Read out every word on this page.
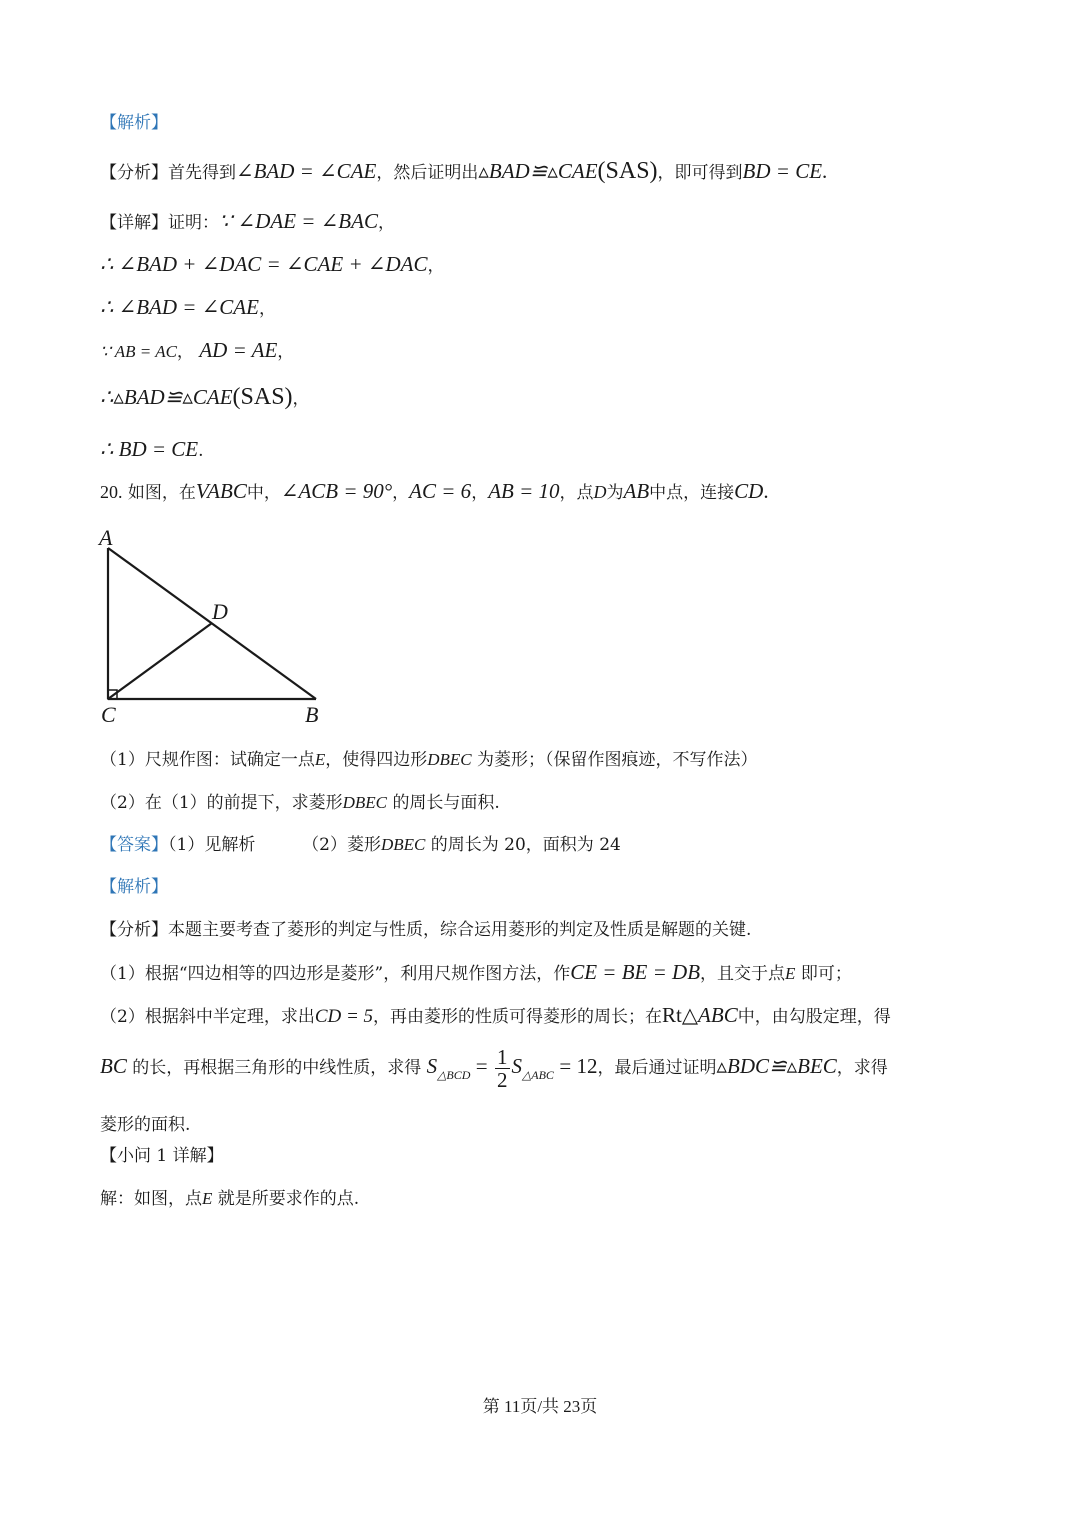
【解析】
【分析】首先得到∠BAD = ∠CAE，然后证明出▵BAD≌▵CAE(SAS)，即可得到BD = CE.
【详解】证明：∵ ∠DAE = ∠BAC，
∴ ∠BAD + ∠DAC = ∠CAE + ∠DAC，
∴ ∠BAD = ∠CAE，
∵ AB = AC， AD = AE，
∴▵BAD≌▵CAE(SAS)，
∴ BD = CE.
20. 如图，在VABC中，∠ACB = 90°，AC = 6，AB = 10，点D为AB中点，连接CD.
A
D
C	B
（1）尺规作图：试确定一点E，使得四边形DBEC 为菱形；（保留作图痕迹，不写作法）
（2）在（1）的前提下，求菱形DBEC 的周长与面积.
【答案】（1）见解析	（2）菱形DBEC 的周长为 20，面积为 24
【解析】
【分析】本题主要考查了菱形的判定与性质，综合运用菱形的判定及性质是解题的关键.
（1）根据“四边相等的四边形是菱形”，利用尺规作图方法，作CE = BE = DB，且交于点E 即可；
（2）根据斜中半定理，求出CD = 5，再由菱形的性质可得菱形的周长；在Rt△ABC中，由勾股定理，得
BC 的长，再根据三角形的中线性质，求得 $S_{\triangle BCD} = \frac{1}{2} S_{\triangle ABC} = 12$，最后通过证明▵BDC≌▵BEC，求得
菱形的面积.
【小问 1 详解】
解：如图，点E 就是所要求作的点.
第 11页/共 23页
